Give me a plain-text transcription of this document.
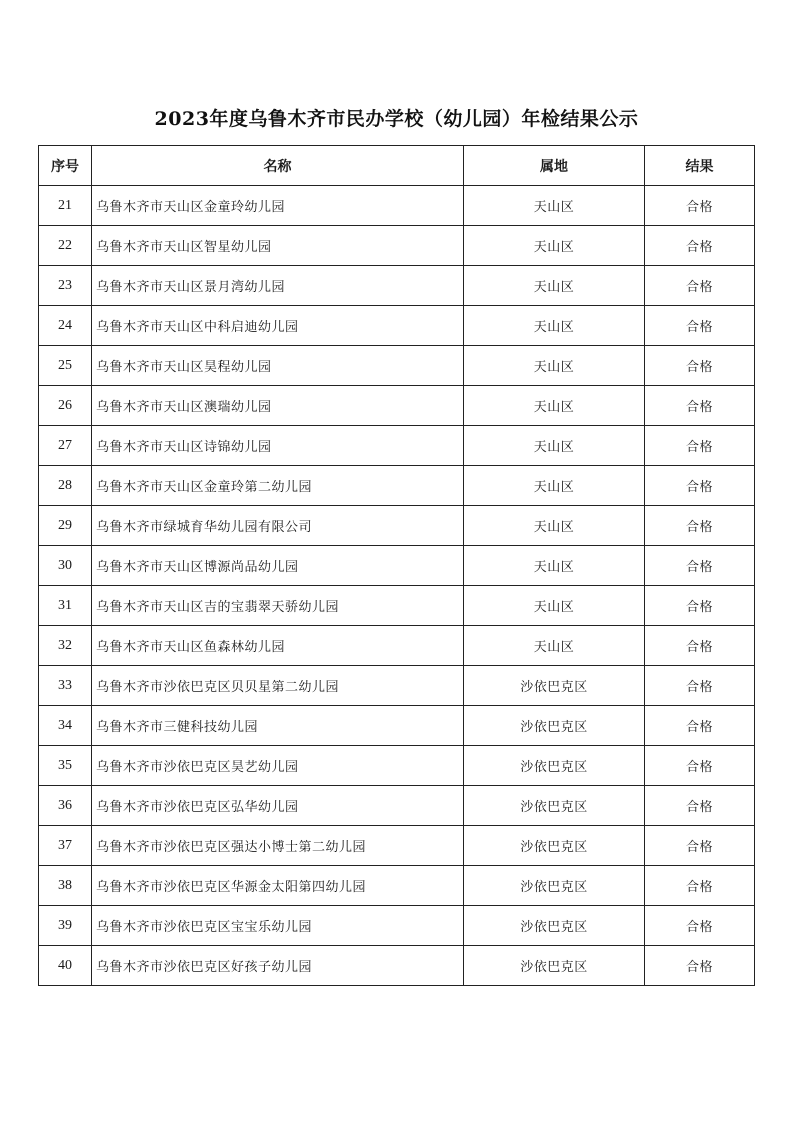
2023年度乌鲁木齐市民办学校（幼儿园）年检结果公示
序号	名称	属地	结果
21	乌鲁木齐市天山区金童玲幼儿园	天山区	合格
22	乌鲁木齐市天山区智星幼儿园	天山区	合格
23	乌鲁木齐市天山区景月湾幼儿园	天山区	合格
24	乌鲁木齐市天山区中科启迪幼儿园	天山区	合格
25	乌鲁木齐市天山区昊程幼儿园	天山区	合格
26	乌鲁木齐市天山区澳瑞幼儿园	天山区	合格
27	乌鲁木齐市天山区诗锦幼儿园	天山区	合格
28	乌鲁木齐市天山区金童玲第二幼儿园	天山区	合格
29	乌鲁木齐市绿城育华幼儿园有限公司	天山区	合格
30	乌鲁木齐市天山区博源尚品幼儿园	天山区	合格
31	乌鲁木齐市天山区吉的宝翡翠天骄幼儿园	天山区	合格
32	乌鲁木齐市天山区鱼森林幼儿园	天山区	合格
33	乌鲁木齐市沙依巴克区贝贝星第二幼儿园	沙依巴克区	合格
34	乌鲁木齐市三健科技幼儿园	沙依巴克区	合格
35	乌鲁木齐市沙依巴克区昊艺幼儿园	沙依巴克区	合格
36	乌鲁木齐市沙依巴克区弘华幼儿园	沙依巴克区	合格
37	乌鲁木齐市沙依巴克区强达小博士第二幼儿园	沙依巴克区	合格
38	乌鲁木齐市沙依巴克区华源金太阳第四幼儿园	沙依巴克区	合格
39	乌鲁木齐市沙依巴克区宝宝乐幼儿园	沙依巴克区	合格
40	乌鲁木齐市沙依巴克区好孩子幼儿园	沙依巴克区	合格
